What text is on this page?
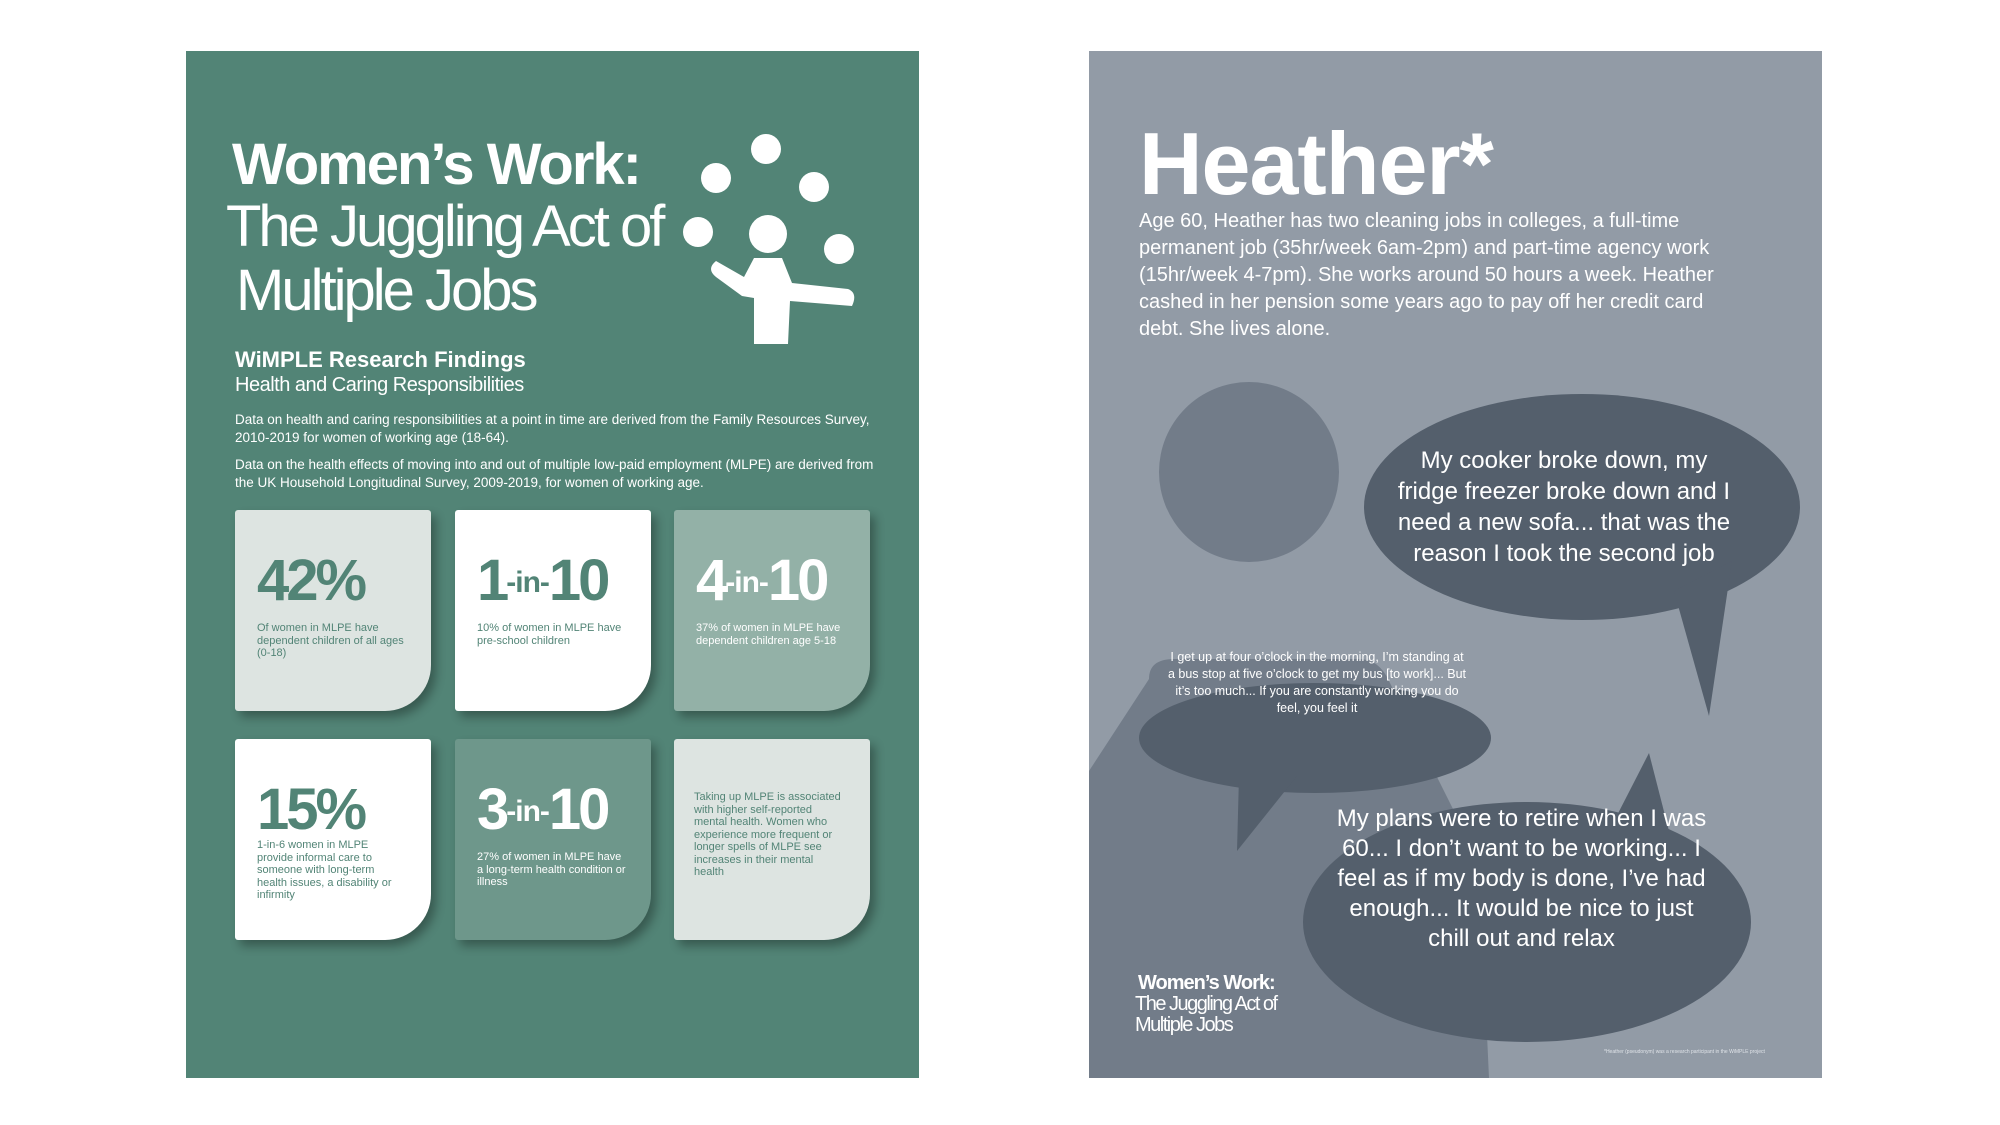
Women’s Work:
The Juggling Act of
Multiple Jobs
WiMPLE Research Findings
Health and Caring Responsibilities

Data on health and caring responsibilities at a point in time are derived from the Family Resources Survey, 2010-2019 for women of working age (18-64).

Data on the health effects of moving into and out of multiple low-paid employment (MLPE) are derived from the UK Household Longitudinal Survey, 2009-2019, for women of working age.

42%
Of women in MLPE have dependent children of all ages (0-18)
1-in-10
10% of women in MLPE have pre-school children
4-in-10
37% of women in MLPE have dependent children age 5-18
15%
1-in-6 women in MLPE provide informal care to someone with long-term health issues, a disability or infirmity
3-in-10
27% of women in MLPE have a long-term health condition or illness
Taking up MLPE is associated with higher self-reported mental health. Women who experience more frequent or longer spells of MLPE see increases in their mental health
Heather*

Age 60, Heather has two cleaning jobs in colleges, a full-time permanent job (35hr/week 6am-2pm) and part-time agency work (15hr/week 4-7pm). She works around 50 hours a week. Heather cashed in her pension some years ago to pay off her credit card debt. She lives alone.

My cooker broke down, my fridge freezer broke down and I need a new sofa... that was the reason I took the second job

I get up at four o’clock in the morning, I’m standing at a bus stop at five o’clock to get my bus [to work]... But it’s too much... If you are constantly working you do feel, you feel it

My plans were to retire when I was 60... I don’t want to be working... I feel as if my body is done, I’ve had enough... It would be nice to just chill out and relax

Women’s Work:
The Juggling Act of
Multiple Jobs
*Heather (pseudonym) was a research participant in the WiMPLE project
